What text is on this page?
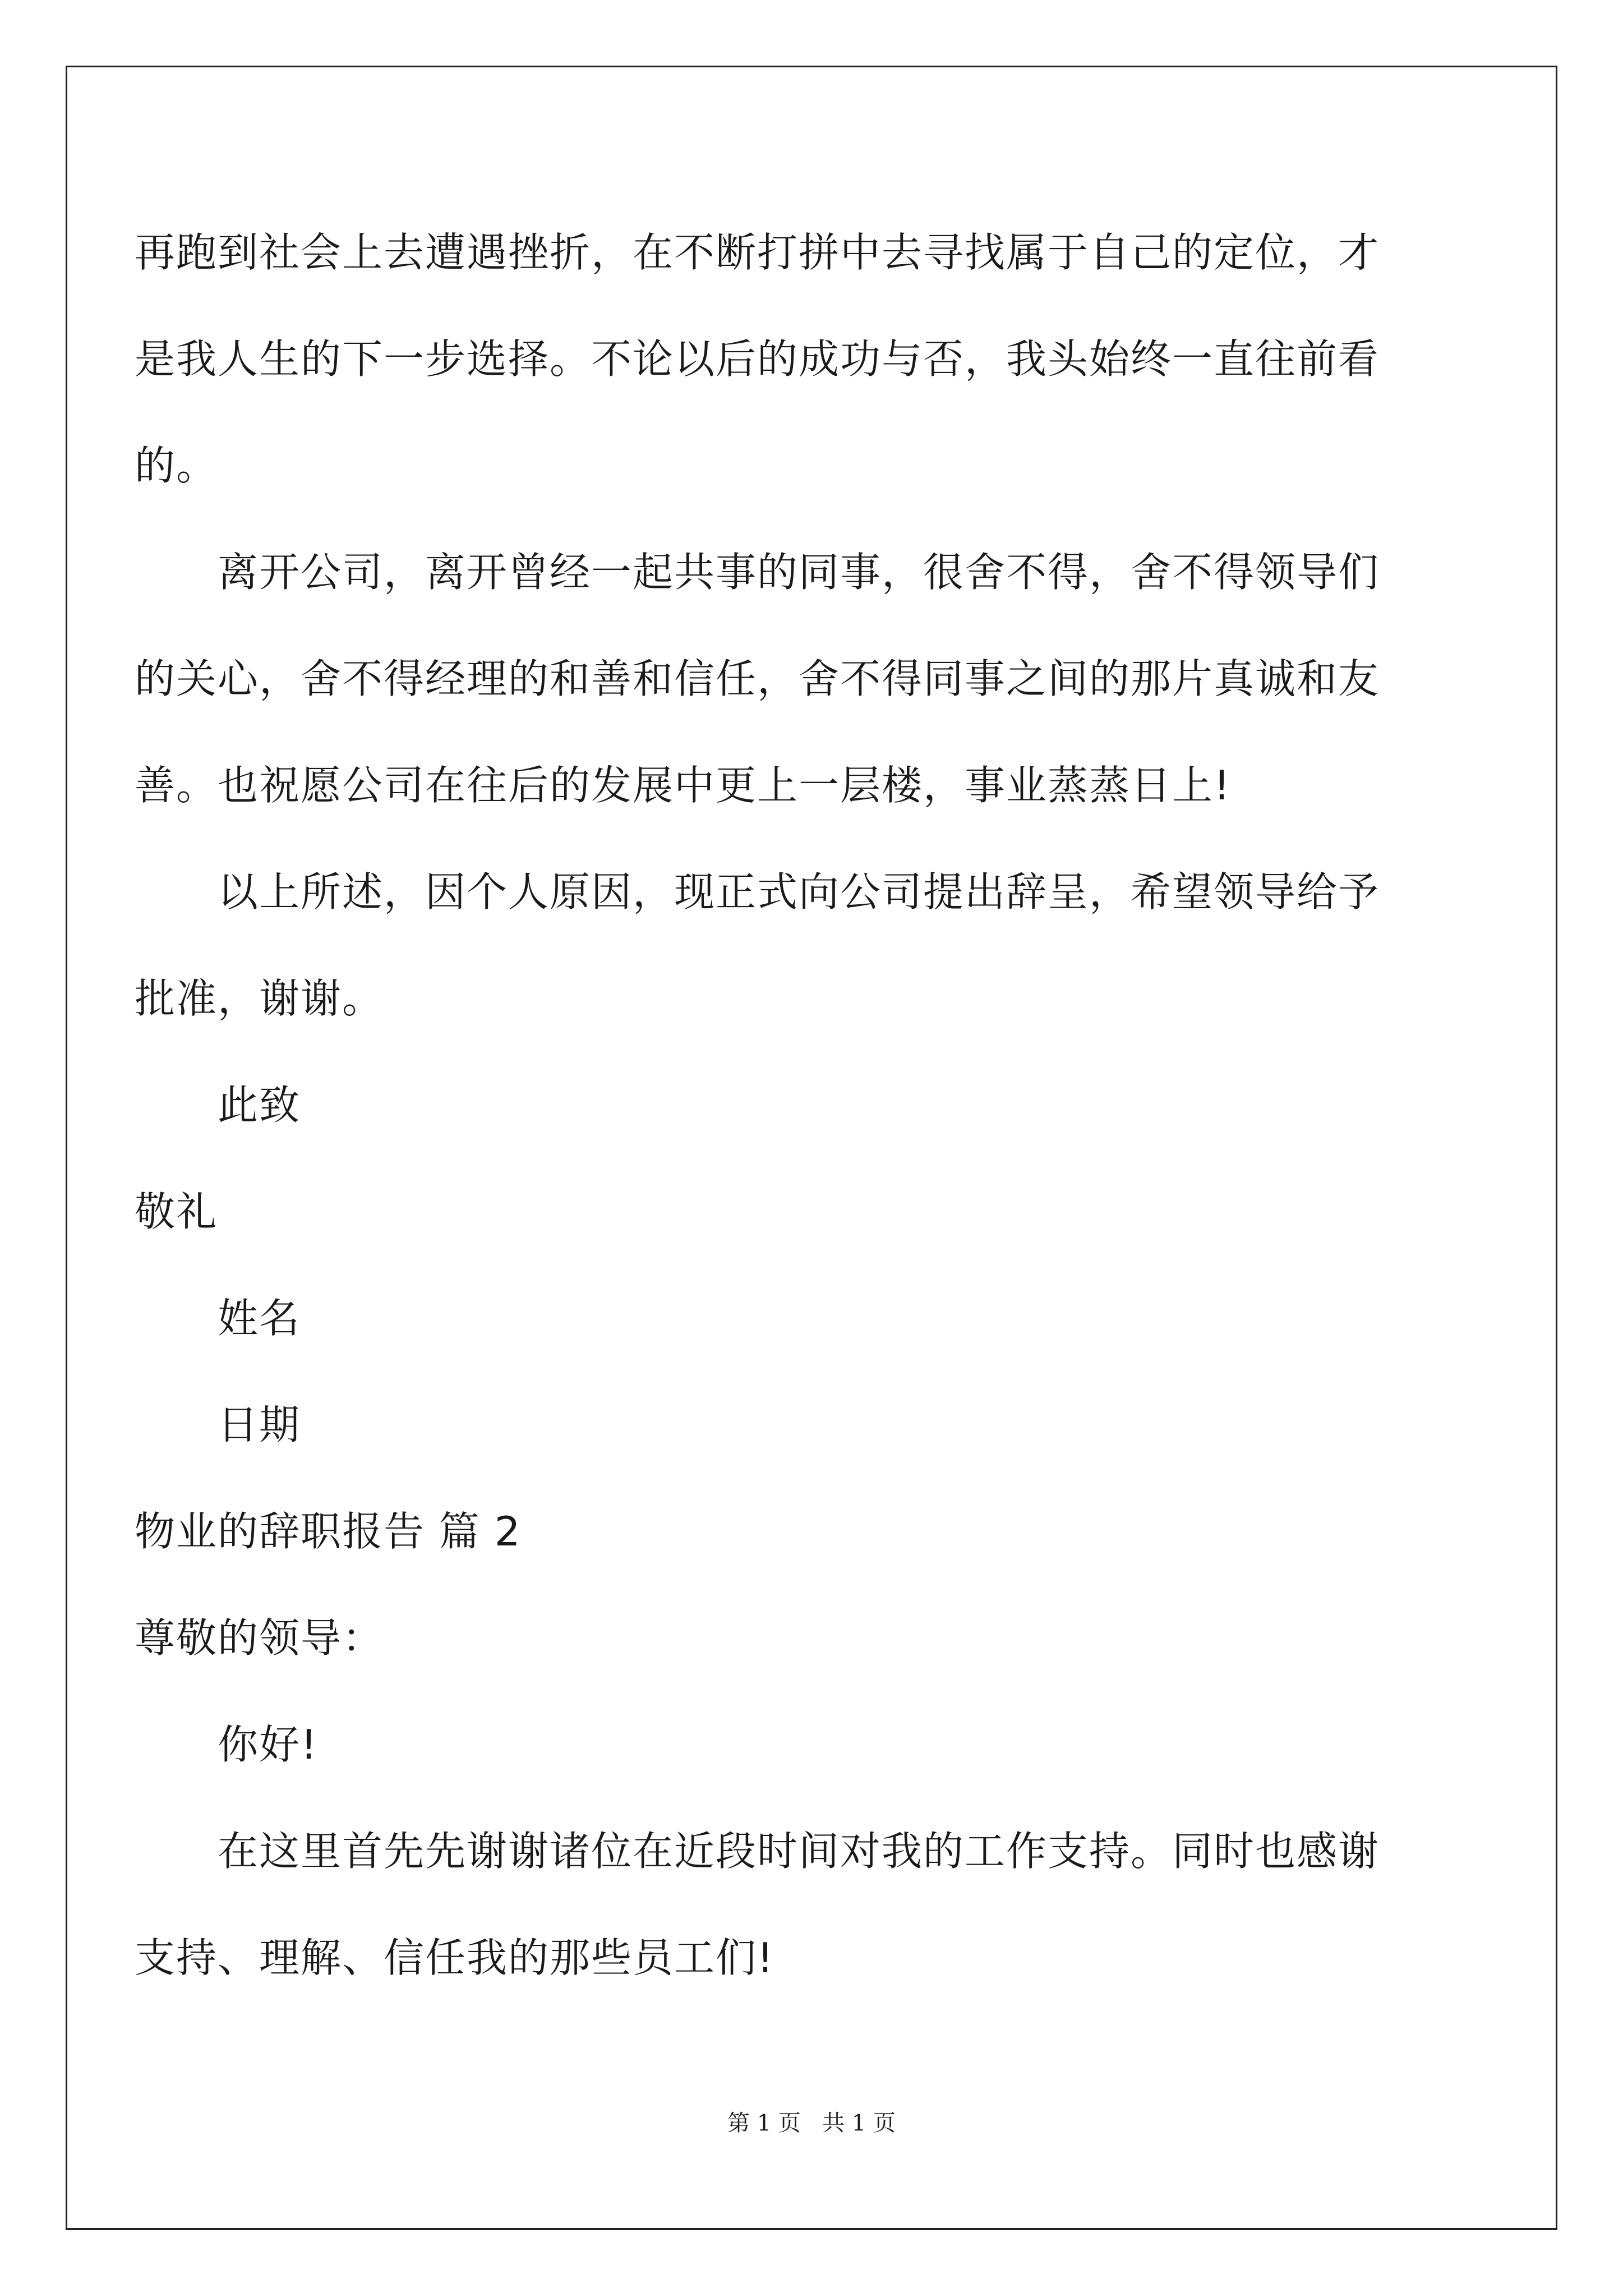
再跑到社会上去遭遇挫折，在不断打拼中去寻找属于自己的定位，才
是我人生的下一步选择。不论以后的成功与否，我头始终一直往前看
的。
离开公司，离开曾经一起共事的同事，很舍不得，舍不得领导们
的关心，舍不得经理的和善和信任，舍不得同事之间的那片真诚和友
善。也祝愿公司在往后的发展中更上一层楼，事业蒸蒸日上!
以上所述，因个人原因，现正式向公司提出辞呈，希望领导给予
批准，谢谢。
此致
敬礼
姓名
日期
物业的辞职报告 篇 2
尊敬的领导：
你好!
在这里首先先谢谢诸位在近段时间对我的工作支持。同时也感谢
支持、理解、信任我的那些员工们!
第 1 页   共 1 页
